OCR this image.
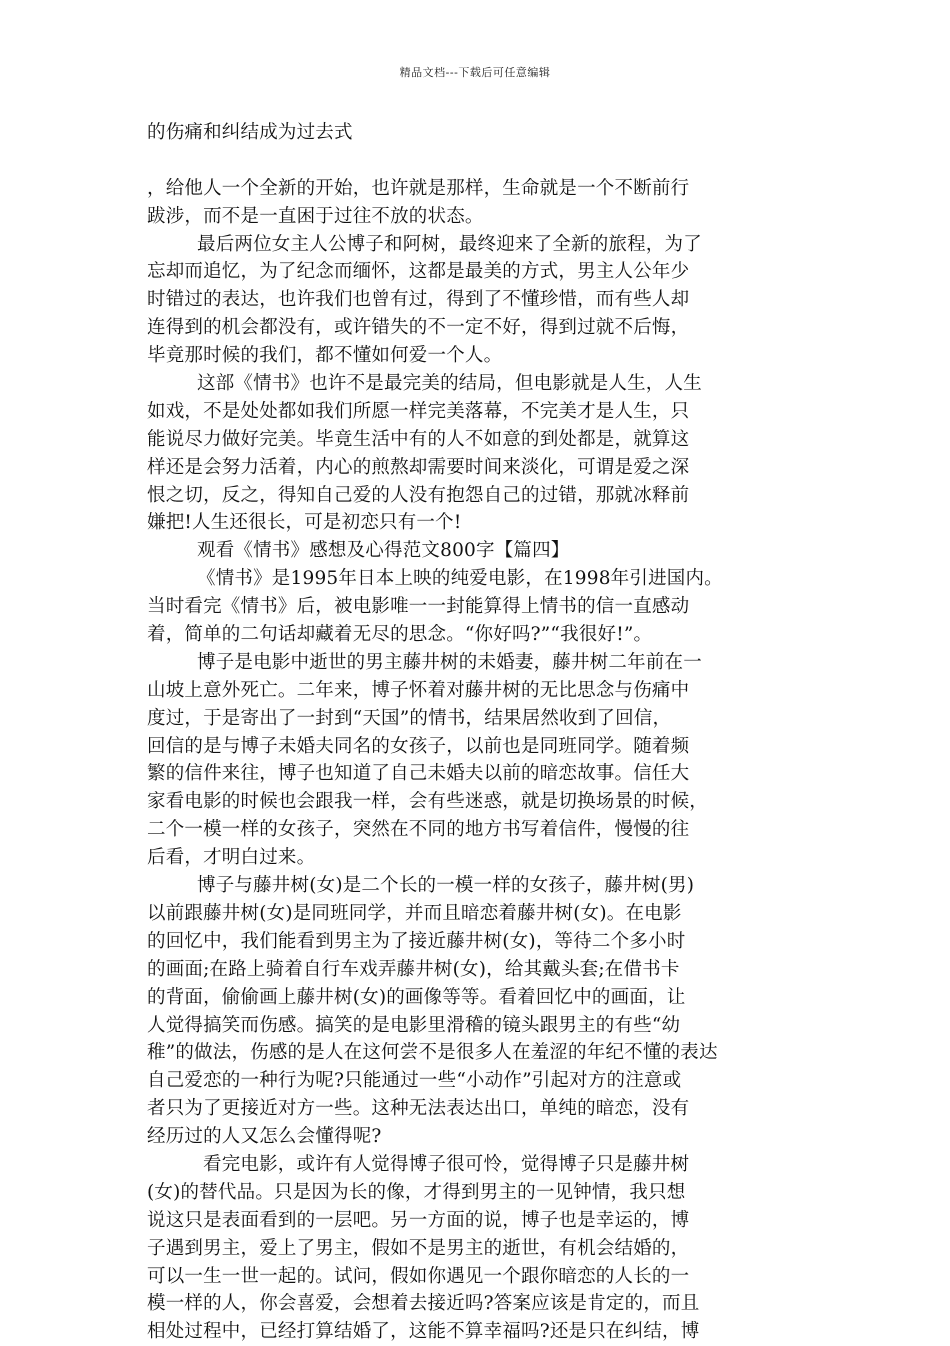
精品文档---下载后可任意编辑
的伤痛和纠结成为过去式
，给他人一个全新的开始，也许就是那样，生命就是一个不断前行
跋涉，而不是一直困于过往不放的状态。
最后两位女主人公博子和阿树，最终迎来了全新的旅程，为了
忘却而追忆，为了纪念而缅怀，这都是最美的方式，男主人公年少
时错过的表达，也许我们也曾有过，得到了不懂珍惜，而有些人却
连得到的机会都没有，或许错失的不一定不好，得到过就不后悔，
毕竟那时候的我们，都不懂如何爱一个人。
这部《情书》也许不是最完美的结局，但电影就是人生，人生
如戏，不是处处都如我们所愿一样完美落幕，不完美才是人生，只
能说尽力做好完美。毕竟生活中有的人不如意的到处都是，就算这
样还是会努力活着，内心的煎熬却需要时间来淡化，可谓是爱之深
恨之切，反之，得知自己爱的人没有抱怨自己的过错，那就冰释前
嫌把!人生还很长，可是初恋只有一个!
观看《情书》感想及心得范文800字【篇四】
《情书》是1995年日本上映的纯爱电影，在1998年引进国内。
当时看完《情书》后，被电影唯一一封能算得上情书的信一直感动
着，简单的二句话却藏着无尽的思念。“你好吗?”“我很好!”。
博子是电影中逝世的男主藤井树的未婚妻，藤井树二年前在一
山坡上意外死亡。二年来，博子怀着对藤井树的无比思念与伤痛中
度过，于是寄出了一封到“天国”的情书，结果居然收到了回信，
回信的是与博子未婚夫同名的女孩子，以前也是同班同学。随着频
繁的信件来往，博子也知道了自己未婚夫以前的暗恋故事。信任大
家看电影的时候也会跟我一样，会有些迷惑，就是切换场景的时候，
二个一模一样的女孩子，突然在不同的地方书写着信件，慢慢的往
后看，才明白过来。
博子与藤井树(女)是二个长的一模一样的女孩子，藤井树(男)
以前跟藤井树(女)是同班同学，并而且暗恋着藤井树(女)。在电影
的回忆中，我们能看到男主为了接近藤井树(女)，等待二个多小时
的画面;在路上骑着自行车戏弄藤井树(女)，给其戴头套;在借书卡
的背面，偷偷画上藤井树(女)的画像等等。看着回忆中的画面，让
人觉得搞笑而伤感。搞笑的是电影里滑稽的镜头跟男主的有些“幼
稚”的做法，伤感的是人在这何尝不是很多人在羞涩的年纪不懂的表达
自己爱恋的一种行为呢?只能通过一些“小动作”引起对方的注意或
者只为了更接近对方一些。这种无法表达出口，单纯的暗恋，没有
经历过的人又怎么会懂得呢?
看完电影，或许有人觉得博子很可怜，觉得博子只是藤井树
(女)的替代品。只是因为长的像，才得到男主的一见钟情，我只想
说这只是表面看到的一层吧。另一方面的说，博子也是幸运的，博
子遇到男主，爱上了男主，假如不是男主的逝世，有机会结婚的，
可以一生一世一起的。试问，假如你遇见一个跟你暗恋的人长的一
模一样的人，你会喜爱，会想着去接近吗?答案应该是肯定的，而且
相处过程中，已经打算结婚了，这能不算幸福吗?还是只在纠结，博
